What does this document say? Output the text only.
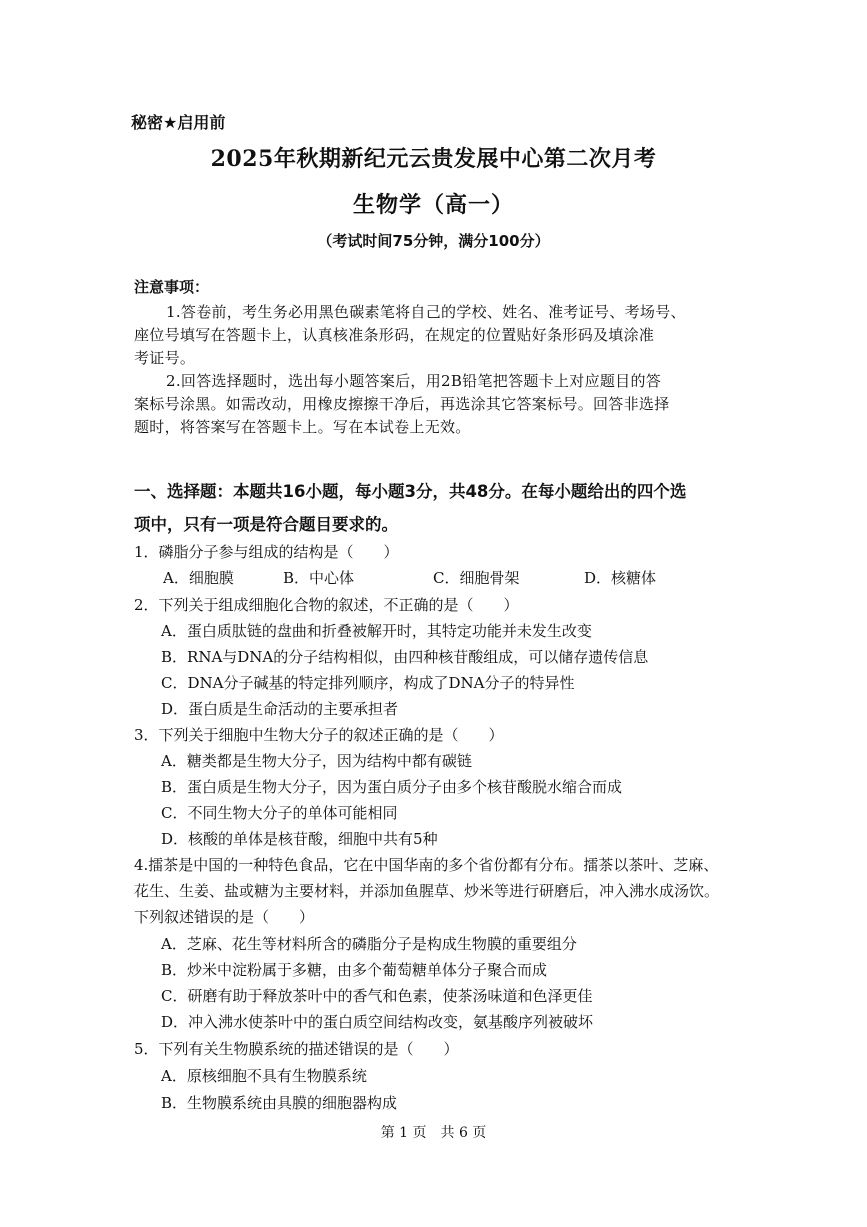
秘密★启用前
2025年秋期新纪元云贵发展中心第二次月考
生物学（高一）
（考试时间75分钟，满分100分）
注意事项：
1.答卷前，考生务必用黑色碳素笔将自己的学校、姓名、准考证号、考场号、
座位号填写在答题卡上，认真核准条形码，在规定的位置贴好条形码及填涂准
考证号。
2.回答选择题时，选出每小题答案后，用2B铅笔把答题卡上对应题目的答
案标号涂黑。如需改动，用橡皮擦擦干净后，再选涂其它答案标号。回答非选择
题时，将答案写在答题卡上。写在本试卷上无效。
一、选择题：本题共16小题，每小题3分，共48分。在每小题给出的四个选
项中，只有一项是符合题目要求的。
1．磷脂分子参与组成的结构是（　　）
A．细胞膜	B．中心体	C．细胞骨架	D．核糖体
2．下列关于组成细胞化合物的叙述，不正确的是（　　）
A．蛋白质肽链的盘曲和折叠被解开时，其特定功能并未发生改变
B．RNA与DNA的分子结构相似，由四种核苷酸组成，可以储存遗传信息
C．DNA分子碱基的特定排列顺序，构成了DNA分子的特异性
D．蛋白质是生命活动的主要承担者
3．下列关于细胞中生物大分子的叙述正确的是（　　）
A．糖类都是生物大分子，因为结构中都有碳链
B．蛋白质是生物大分子，因为蛋白质分子由多个核苷酸脱水缩合而成
C．不同生物大分子的单体可能相同
D．核酸的单体是核苷酸，细胞中共有5种
4.擂茶是中国的一种特色食品，它在中国华南的多个省份都有分布。擂茶以茶叶、芝麻、
花生、生姜、盐或糖为主要材料，并添加鱼腥草、炒米等进行研磨后，冲入沸水成汤饮。
下列叙述错误的是（　　）
A．芝麻、花生等材料所含的磷脂分子是构成生物膜的重要组分
B．炒米中淀粉属于多糖，由多个葡萄糖单体分子聚合而成
C．研磨有助于释放茶叶中的香气和色素，使茶汤味道和色泽更佳
D．冲入沸水使茶叶中的蛋白质空间结构改变，氨基酸序列被破坏
5．下列有关生物膜系统的描述错误的是（　　）
A．原核细胞不具有生物膜系统
B．生物膜系统由具膜的细胞器构成
第 1 页　共 6 页
